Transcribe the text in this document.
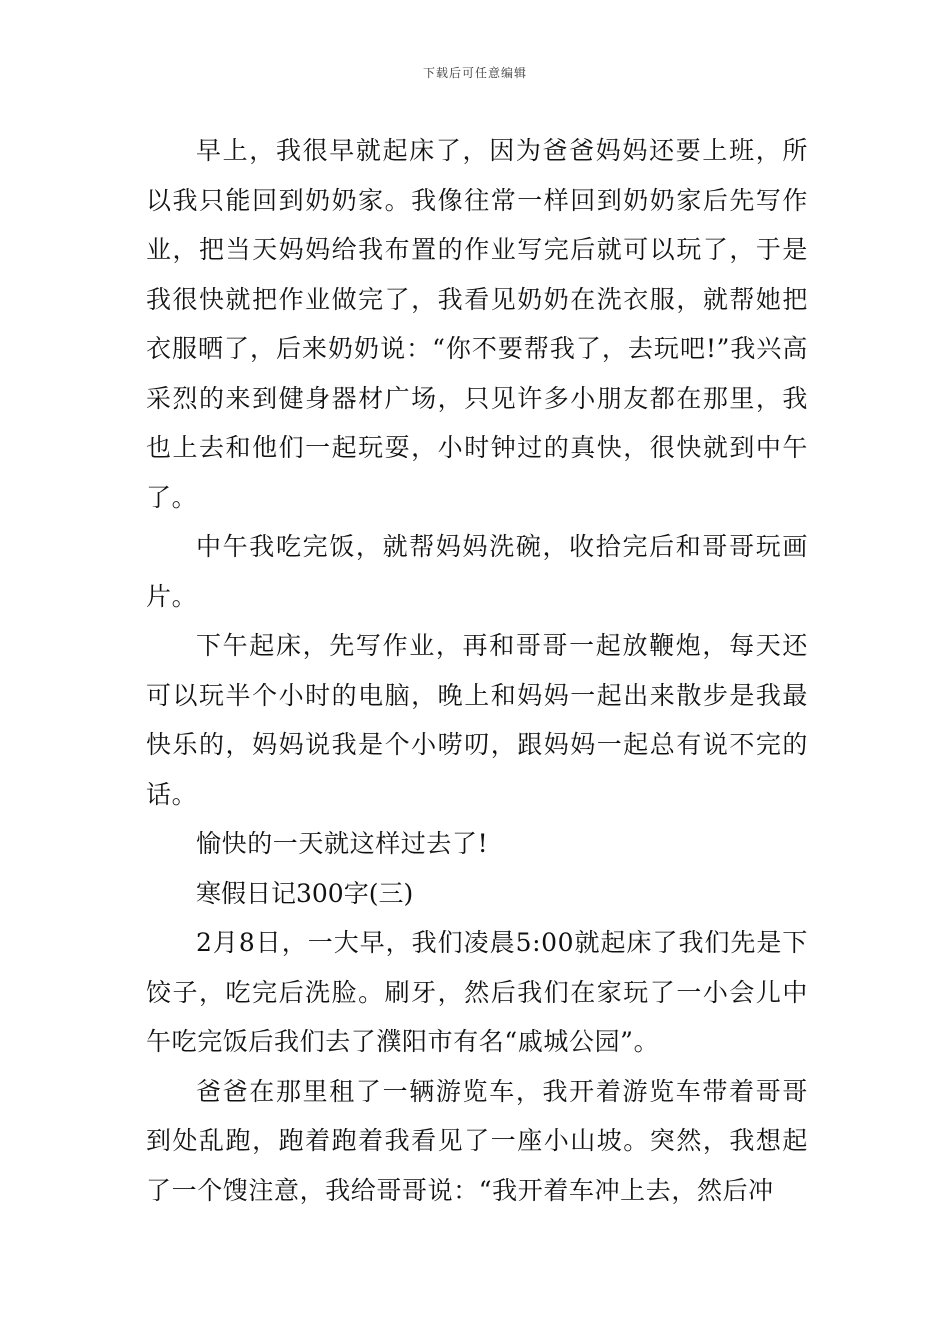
下载后可任意编辑

早上，我很早就起床了，因为爸爸妈妈还要上班，所以我只能回到奶奶家。我像往常一样回到奶奶家后先写作业，把当天妈妈给我布置的作业写完后就可以玩了，于是我很快就把作业做完了，我看见奶奶在洗衣服，就帮她把衣服晒了，后来奶奶说：“你不要帮我了，去玩吧!”我兴高采烈的来到健身器材广场，只见许多小朋友都在那里，我也上去和他们一起玩耍，小时钟过的真快，很快就到中午了。

中午我吃完饭，就帮妈妈洗碗，收拾完后和哥哥玩画片。

下午起床，先写作业，再和哥哥一起放鞭炮，每天还可以玩半个小时的电脑，晚上和妈妈一起出来散步是我最快乐的，妈妈说我是个小唠叨，跟妈妈一起总有说不完的话。

愉快的一天就这样过去了!

寒假日记300字(三)

2月8日，一大早，我们凌晨5:00就起床了我们先是下饺子，吃完后洗脸。刷牙，然后我们在家玩了一小会儿中午吃完饭后我们去了濮阳市有名“戚城公园”。

爸爸在那里租了一辆游览车，我开着游览车带着哥哥到处乱跑，跑着跑着我看见了一座小山坡。突然，我想起了一个馊注意，我给哥哥说：“我开着车冲上去，然后冲
